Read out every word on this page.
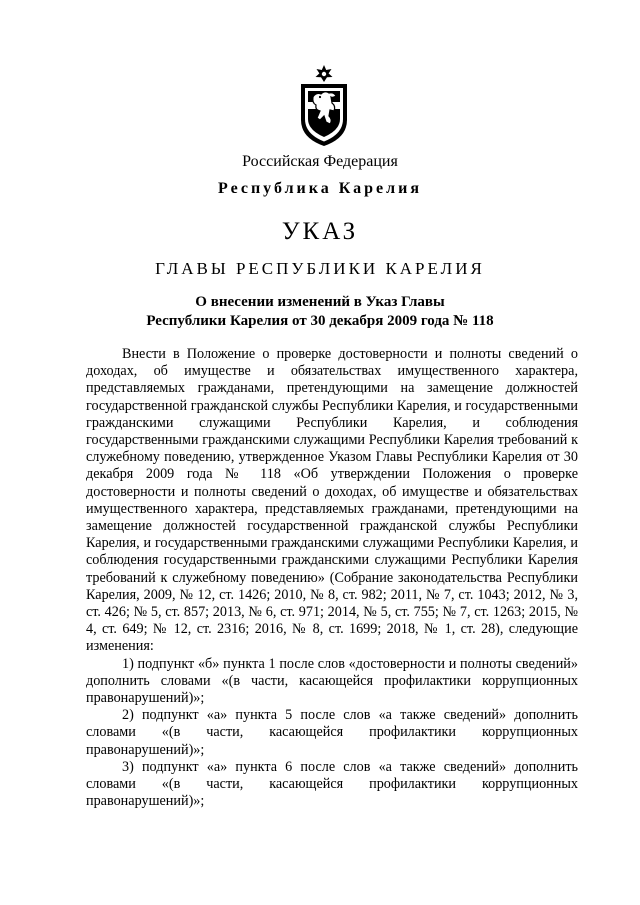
Российская Федерация
Республика Карелия
УКАЗ
ГЛАВЫ РЕСПУБЛИКИ КАРЕЛИЯ
О внесении изменений в Указ Главы
Республики Карелия от 30 декабря 2009 года № 118

Внести в Положение о проверке достоверности и полноты сведений о доходах, об имуществе и обязательствах имущественного характера, представляемых гражданами, претендующими на замещение должностей государственной гражданской службы Республики Карелия, и государственными гражданскими служащими Республики Карелия, и соблюдения государственными гражданскими служащими Республики Карелия требований к служебному поведению, утвержденное Указом Главы Республики Карелия от 30 декабря 2009 года № 118 «Об утверждении Положения о проверке достоверности и полноты сведений о доходах, об имуществе и обязательствах имущественного характера, представляемых гражданами, претендующими на замещение должностей государственной гражданской службы Республики Карелия, и государственными гражданскими служащими Республики Карелия, и соблюдения государственными гражданскими служащими Республики Карелия требований к служебному поведению» (Собрание законодательства Республики Карелия, 2009, № 12, ст. 1426; 2010, № 8, ст. 982; 2011, № 7, ст. 1043; 2012, № 3, ст. 426; № 5, ст. 857; 2013, № 6, ст. 971; 2014, № 5, ст. 755; № 7, ст. 1263; 2015, № 4, ст. 649; № 12, ст. 2316; 2016, № 8, ст. 1699; 2018, № 1, ст. 28), следующие изменения:

1) подпункт «б» пункта 1 после слов «достоверности и полноты сведений» дополнить словами «(в части, касающейся профилактики коррупционных правонарушений)»;

2) подпункт «а» пункта 5 после слов «а также сведений» дополнить словами «(в части, касающейся профилактики коррупционных правонарушений)»;

3) подпункт «а» пункта 6 после слов «а также сведений» дополнить словами «(в части, касающейся профилактики коррупционных правонарушений)»;
